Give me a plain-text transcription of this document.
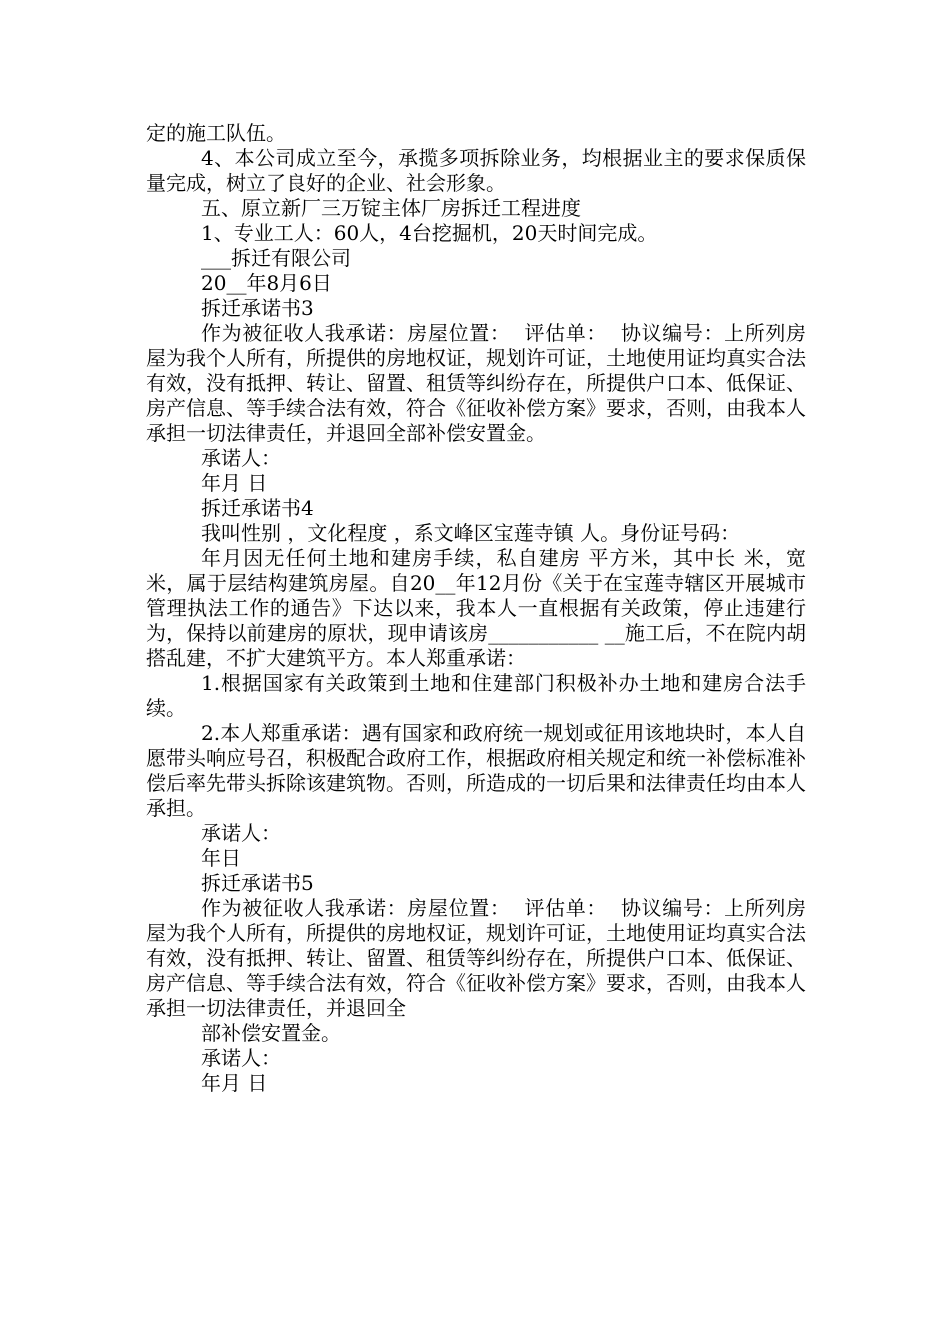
定的施工队伍。

4、本公司成立至今，承揽多项拆除业务，均根据业主的要求保质保量完成，树立了良好的企业、社会形象。

五、原立新厂三万锭主体厂房拆迁工程进度

1、专业工人：60人，4台挖掘机，20天时间完成。

___拆迁有限公司

20__年8月6日

拆迁承诺书3

作为被征收人我承诺：房屋位置：  评估单：  协议编号：上所列房屋为我个人所有，所提供的房地权证，规划许可证，土地使用证均真实合法有效，没有抵押、转让、留置、租赁等纠纷存在，所提供户口本、低保证、房产信息、等手续合法有效，符合《征收补偿方案》要求，否则，由我本人承担一切法律责任，并退回全部补偿安置金。

承诺人：

年月 日

拆迁承诺书4

我叫性别 ，文化程度 ，系文峰区宝莲寺镇 人。身份证号码：

年月因无任何土地和建房手续，私自建房 平方米，其中长 米，宽米，属于层结构建筑房屋。自20__年12月份《关于在宝莲寺辖区开展城市管理执法工作的通告》下达以来，我本人一直根据有关政策，停止违建行为，保持以前建房的原状，现申请该房___________ __施工后，不在院内胡搭乱建，不扩大建筑平方。本人郑重承诺：

1.根据国家有关政策到土地和住建部门积极补办土地和建房合法手续。

2.本人郑重承诺：遇有国家和政府统一规划或征用该地块时，本人自愿带头响应号召，积极配合政府工作，根据政府相关规定和统一补偿标准补偿后率先带头拆除该建筑物。否则，所造成的一切后果和法律责任均由本人承担。

承诺人：

年日

拆迁承诺书5

作为被征收人我承诺：房屋位置：  评估单：  协议编号：上所列房屋为我个人所有，所提供的房地权证，规划许可证，土地使用证均真实合法有效，没有抵押、转让、留置、租赁等纠纷存在，所提供户口本、低保证、房产信息、等手续合法有效，符合《征收补偿方案》要求，否则，由我本人承担一切法律责任，并退回全

部补偿安置金。

承诺人：

年月 日
